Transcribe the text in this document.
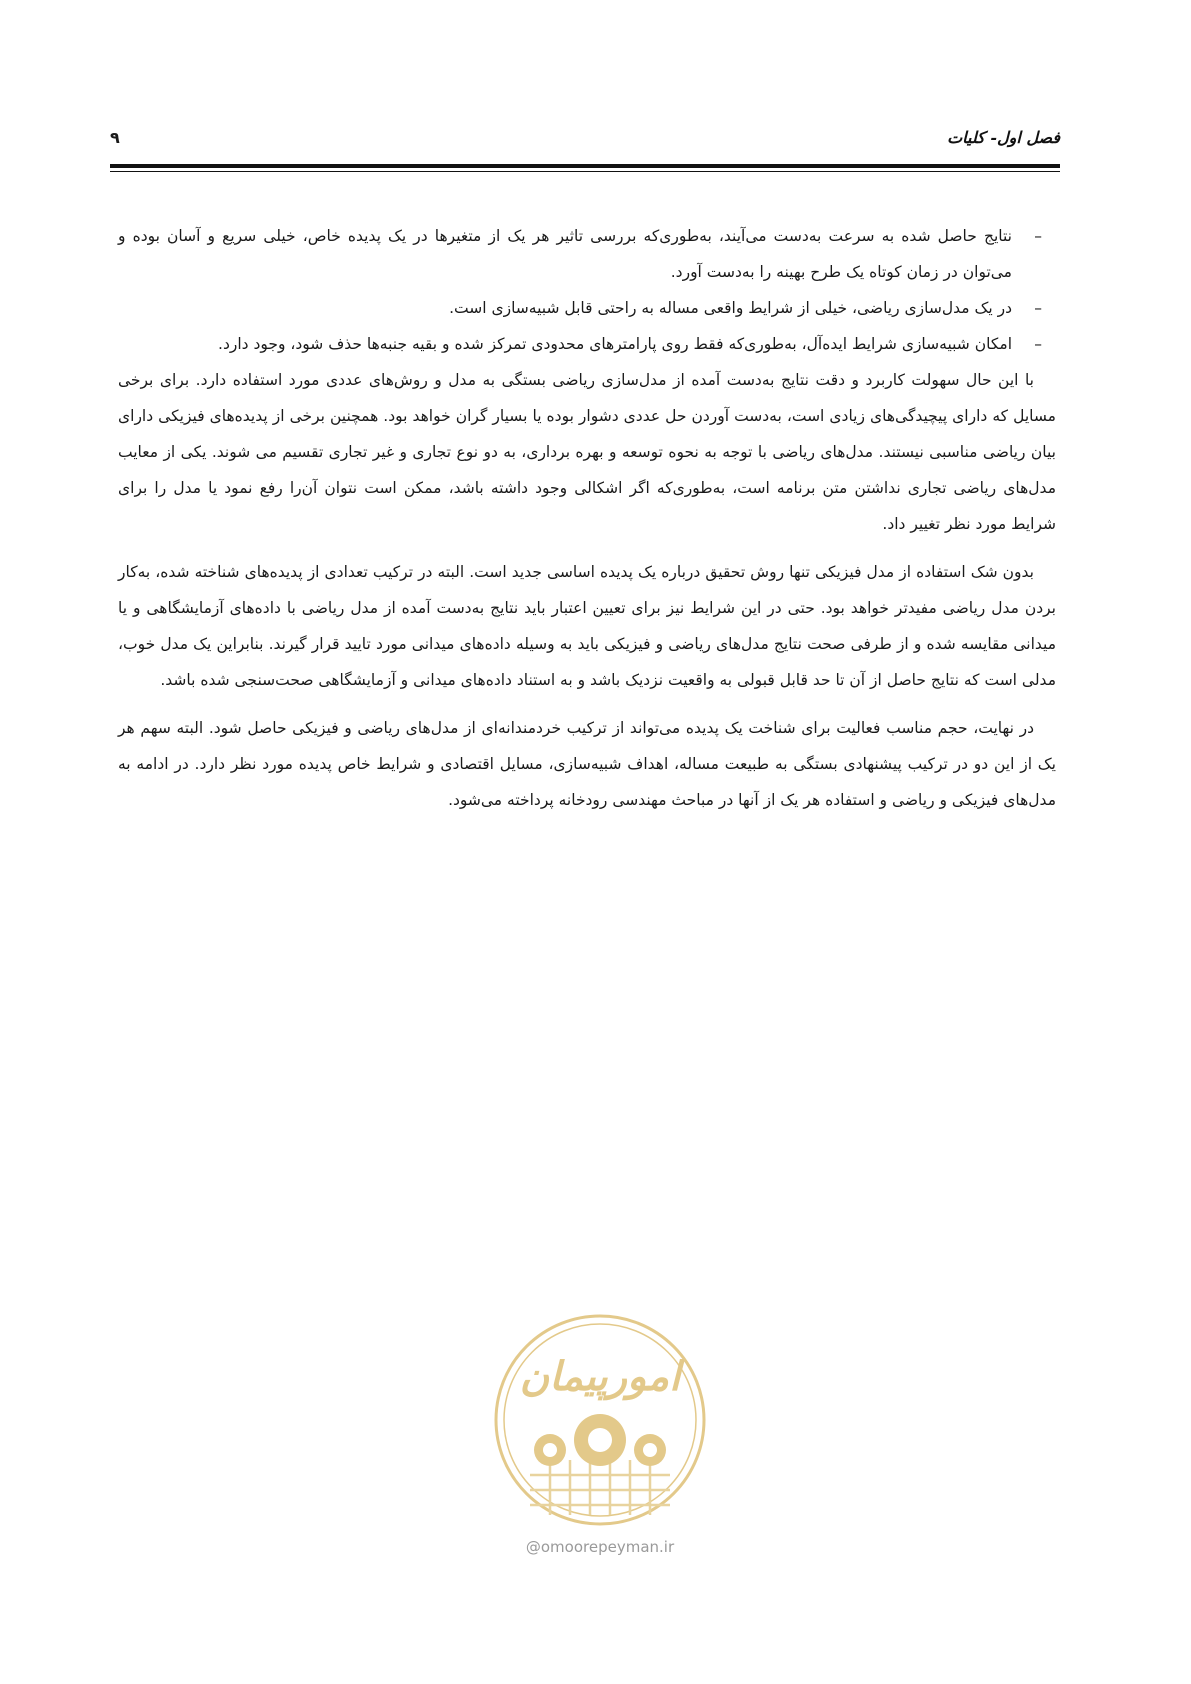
فصل اول- کلیات
۹
–
نتایج حاصل شده به سرعت به‌دست می‌آیند، به‌طوری‌که بررسی تاثیر هر یک از متغیرها در یک پدیده خاص، خیلی سریع و آسان بوده و می‌توان در زمان کوتاه یک طرح بهینه را به‌دست آورد.
–
در یک مدل‌سازی ریاضی، خیلی از شرایط واقعی مساله به راحتی قابل شبیه‌سازی است.
–
امکان شبیه‌سازی شرایط ایده‌آل، به‌طوری‌که فقط روی پارامترهای محدودی تمرکز شده و بقیه جنبه‌ها حذف شود، وجود دارد.

با این حال سهولت کاربرد و دقت نتایج به‌دست آمده از مدل‌سازی ریاضی بستگی به مدل و روش‌های عددی مورد استفاده دارد. برای برخی مسایل که دارای پیچیدگی‌های زیادی است، به‌دست آوردن حل عددی دشوار بوده یا بسیار گران خواهد بود. همچنین برخی از پدیده‌های فیزیکی دارای بیان ریاضی مناسبی نیستند. مدل‌های ریاضی با توجه به نحوه توسعه و بهره برداری، به دو نوع تجاری و غیر تجاری تقسیم می شوند. یکی از معایب مدل‌های ریاضی تجاری نداشتن متن برنامه است، به‌طوری‌که اگر اشکالی وجود داشته باشد، ممکن است نتوان آن‌را رفع نمود یا مدل را برای شرایط مورد نظر تغییر داد.

بدون شک استفاده از مدل فیزیکی تنها روش تحقیق درباره یک پدیده اساسی جدید است. البته در ترکیب تعدادی از پدیده‌های شناخته شده، به‌کار بردن مدل ریاضی مفیدتر خواهد بود. حتی در این شرایط نیز برای تعیین اعتبار باید نتایج به‌دست آمده از مدل ریاضی با داده‌های آزمایشگاهی و یا میدانی مقایسه شده و از طرفی صحت نتایج مدل‌های ریاضی و فیزیکی باید به وسیله داده‌های میدانی مورد تایید قرار گیرند. بنابراین یک مدل خوب، مدلی است که نتایج حاصل از آن تا حد قابل قبولی به واقعیت نزدیک باشد و به استناد داده‌های میدانی و آزمایشگاهی صحت‌سنجی شده باشد.

در نهایت، حجم مناسب فعالیت برای شناخت یک پدیده می‌تواند از ترکیب خردمندانه‌ای از مدل‌های ریاضی و فیزیکی حاصل شود. البته سهم هر یک از این دو در ترکیب پیشنهادی بستگی به طبیعت مساله، اهداف شبیه‌سازی، مسایل اقتصادی و شرایط خاص پدیده مورد نظر دارد. در ادامه به مدل‌های فیزیکی و ریاضی و استفاده هر یک از آنها در مباحث مهندسی رودخانه پرداخته می‌شود.

امورپیمان
@omoorepeyman.ir
